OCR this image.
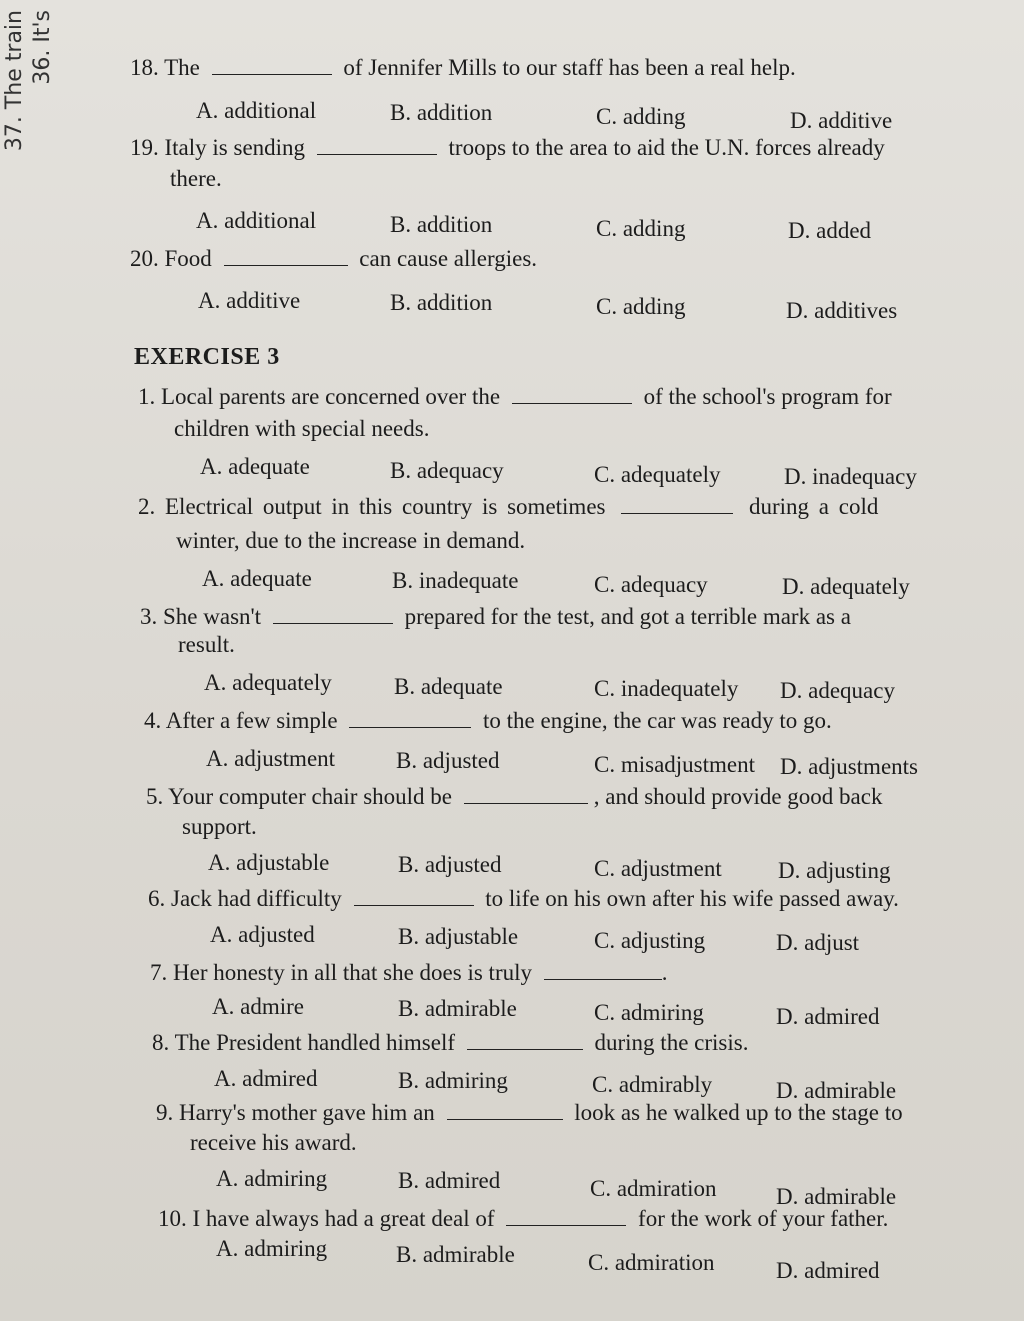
36. It's
37. The train	18. The	of Jennifer Mills to our staff has been a real help.
A. additional	B. addition	C. adding	D. additive
19. Italy is sending	troops to the area to aid the U.N. forces already
there.
A. additional	B. addition	C. adding	D. added
20. Food	can cause allergies.
A. additive	B. addition	C. adding	D. additives
EXERCISE 3
1. Local parents are concerned over the	of the school's program for
children with special needs.
A. adequate	B. adequacy	C. adequately	D. inadequacy
2. Electrical output in this country is sometimes	during a cold
winter, due to the increase in demand.
A. adequate	B. inadequate	C. adequacy	D. adequately
3. She wasn't	prepared for the test, and got a terrible mark as a
result.
A. adequately	B. adequate	C. inadequately D. adequacy
4. After a few simple	to the engine, the car was ready to go.
A. adjustment	B. adjusted	C. misadjustment D. adjustments
5. Your computer chair should be	, and should provide good back
support.
A. adjustable	B. adjusted	C. adjustment D. adjusting
6. Jack had difficulty	to life on his own after his wife passed away.
A. adjusted	B. adjustable	C. adjusting	D. adjust
7. Her honesty in all that she does is truly	.
A. admire	B. admirable	C. admiring	D. admired
8. The President handled himself	during the crisis.
A. admired	B. admiring	C. admirably	D. admirable
9. Harry's mother gave him an	look as he walked up to the stage to
receive his award.
A. admiring	B. admired	C. admiration	D. admirable
10. I have always had a great deal of	for the work of your father.
A. admiring	B. admirable	C. admiration	D. admired
